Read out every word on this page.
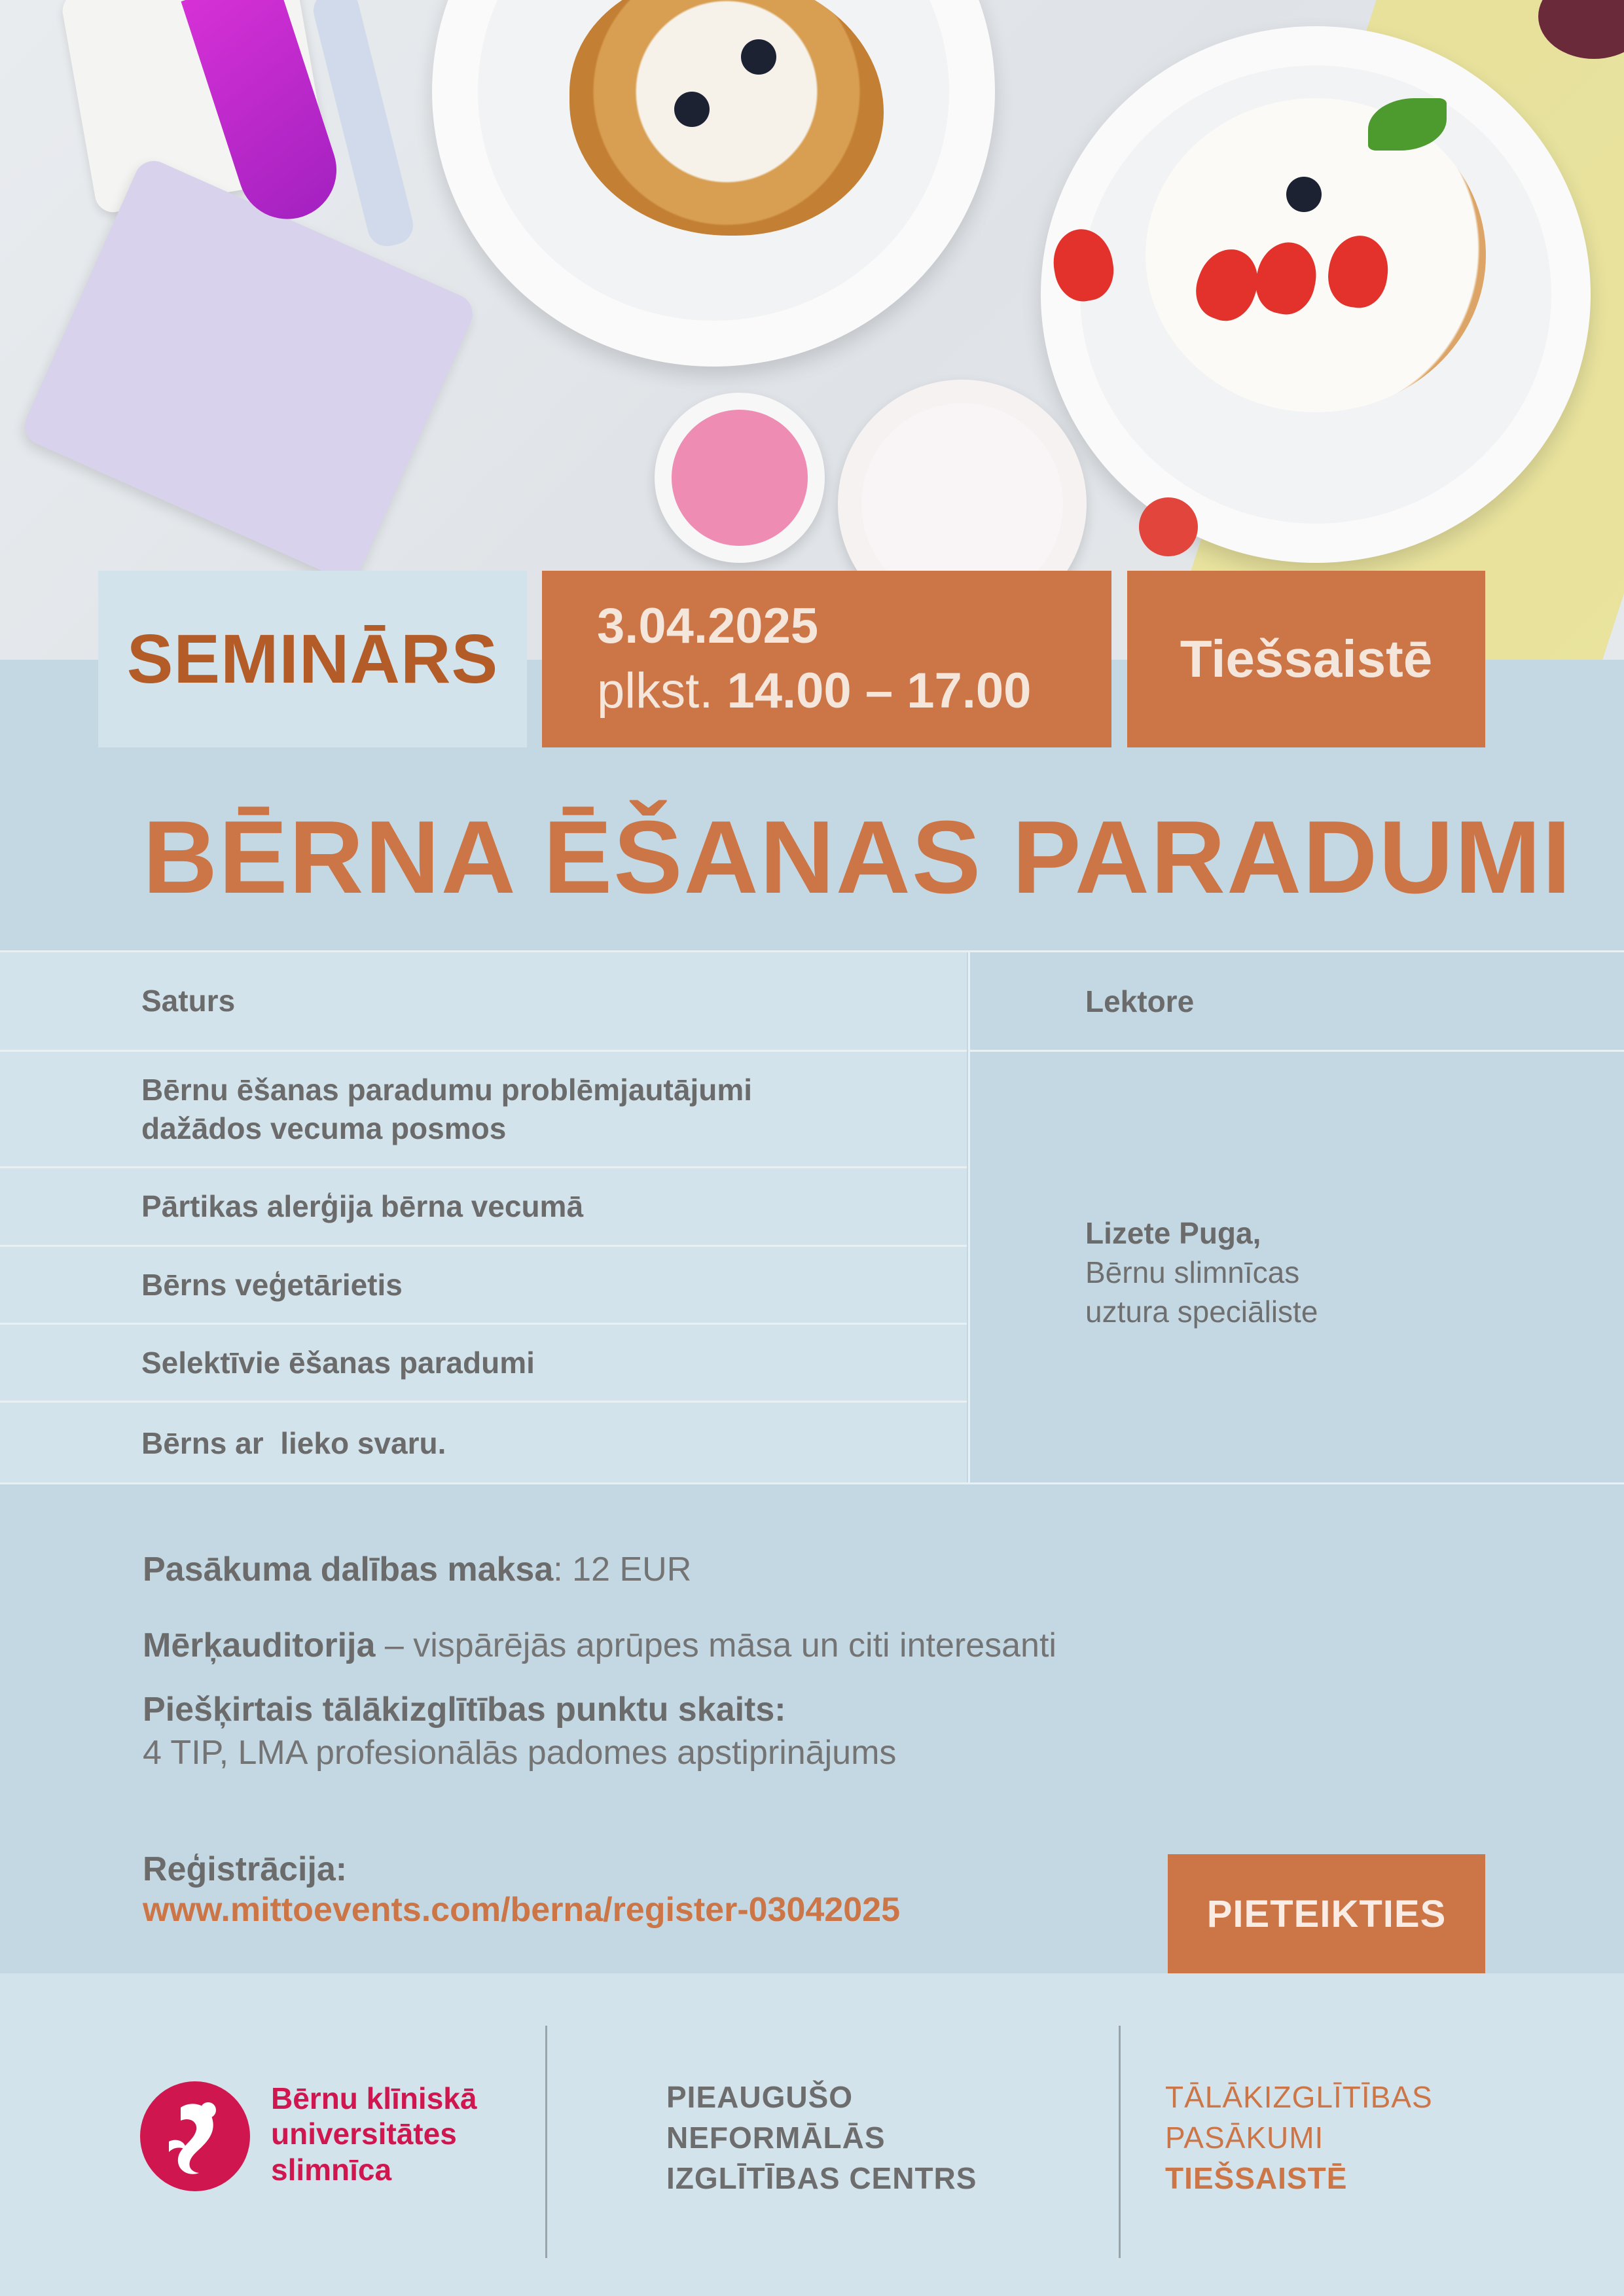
SEMINĀRS 3.04.2025
plkst. 14.00 – 17.00
Tiešsaistē
BĒRNA ĒŠANAS PARADUMI
Saturs
Bērnu ēšanas paradumu problēmjautājumi
dažādos vecuma posmos
Pārtikas alerģija bērna vecumā
Bērns veģetārietis
Selektīvie ēšanas paradumi
Bērns ar  lieko svaru.
Lektore
Lizete Puga,
Bērnu slimnīcas
uztura speciāliste
Pasākuma dalības maksa: 12 EUR
Mērķauditorija – vispārējās aprūpes māsa un citi interesanti
Piešķirtais tālākizglītības punktu skaits:
4 TIP, LMA profesionālās padomes apstiprinājums
Reģistrācija:
www.mittoevents.com/berna/register-03042025	PIETEIKTIES
Bērnu klīniskā
universitātes
slimnīca
PIEAUGUŠO
NEFORMĀLĀS
IZGLĪTĪBAS CENTRS
TĀLĀKIZGLĪTĪBAS
PASĀKUMI
TIEŠSAISTĒ
